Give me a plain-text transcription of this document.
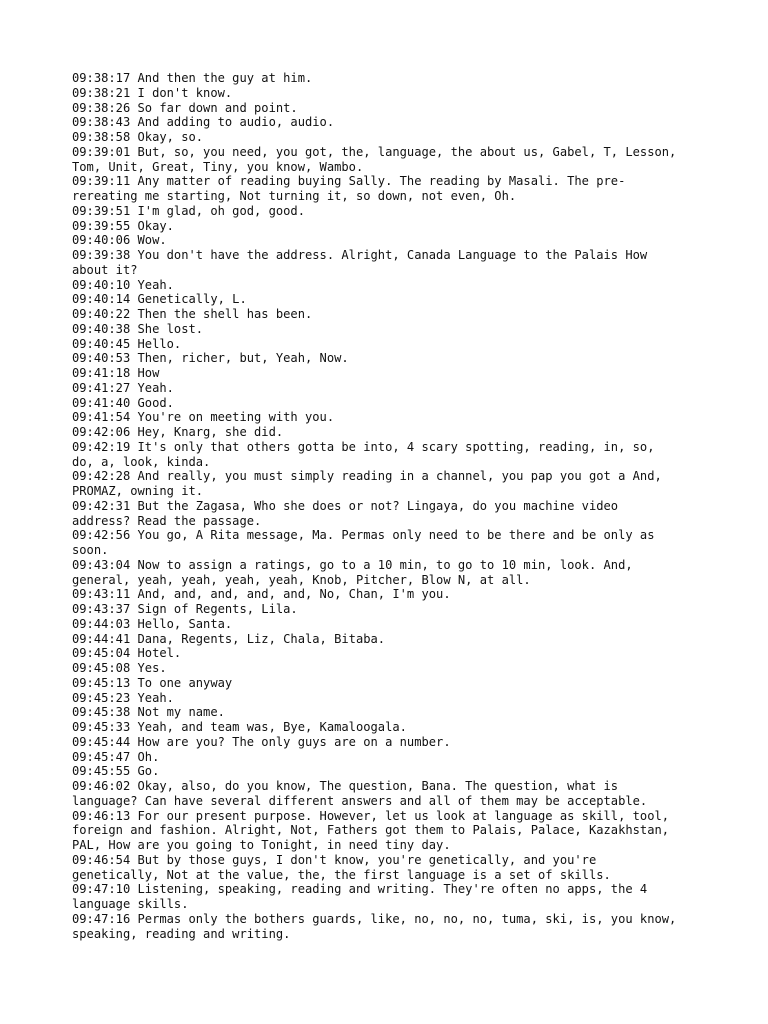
09:38:17 And then the guy at him.
09:38:21 I don't know.
09:38:26 So far down and point.
09:38:43 And adding to audio, audio.
09:38:58 Okay, so.
09:39:01 But, so, you need, you got, the, language, the about us, Gabel, T, Lesson,
Tom, Unit, Great, Tiny, you know, Wambo.
09:39:11 Any matter of reading buying Sally. The reading by Masali. The pre-
rereating me starting, Not turning it, so down, not even, Oh.
09:39:51 I'm glad, oh god, good.
09:39:55 Okay.
09:40:06 Wow.
09:39:38 You don't have the address. Alright, Canada Language to the Palais How
about it?
09:40:10 Yeah.
09:40:14 Genetically, L.
09:40:22 Then the shell has been.
09:40:38 She lost.
09:40:45 Hello.
09:40:53 Then, richer, but, Yeah, Now.
09:41:18 How
09:41:27 Yeah.
09:41:40 Good.
09:41:54 You're on meeting with you.
09:42:06 Hey, Knarg, she did.
09:42:19 It's only that others gotta be into, 4 scary spotting, reading, in, so,
do, a, look, kinda.
09:42:28 And really, you must simply reading in a channel, you pap you got a And,
PROMAZ, owning it.
09:42:31 But the Zagasa, Who she does or not? Lingaya, do you machine video
address? Read the passage.
09:42:56 You go, A Rita message, Ma. Permas only need to be there and be only as
soon.
09:43:04 Now to assign a ratings, go to a 10 min, to go to 10 min, look. And,
general, yeah, yeah, yeah, yeah, Knob, Pitcher, Blow N, at all.
09:43:11 And, and, and, and, and, No, Chan, I'm you.
09:43:37 Sign of Regents, Lila.
09:44:03 Hello, Santa.
09:44:41 Dana, Regents, Liz, Chala, Bitaba.
09:45:04 Hotel.
09:45:08 Yes.
09:45:13 To one anyway
09:45:23 Yeah.
09:45:38 Not my name.
09:45:33 Yeah, and team was, Bye, Kamaloogala.
09:45:44 How are you? The only guys are on a number.
09:45:47 Oh.
09:45:55 Go.
09:46:02 Okay, also, do you know, The question, Bana. The question, what is
language? Can have several different answers and all of them may be acceptable.
09:46:13 For our present purpose. However, let us look at language as skill, tool,
foreign and fashion. Alright, Not, Fathers got them to Palais, Palace, Kazakhstan,
PAL, How are you going to Tonight, in need tiny day.
09:46:54 But by those guys, I don't know, you're genetically, and you're
genetically, Not at the value, the, the first language is a set of skills.
09:47:10 Listening, speaking, reading and writing. They're often no apps, the 4
language skills.
09:47:16 Permas only the bothers guards, like, no, no, no, tuma, ski, is, you know,
speaking, reading and writing.
